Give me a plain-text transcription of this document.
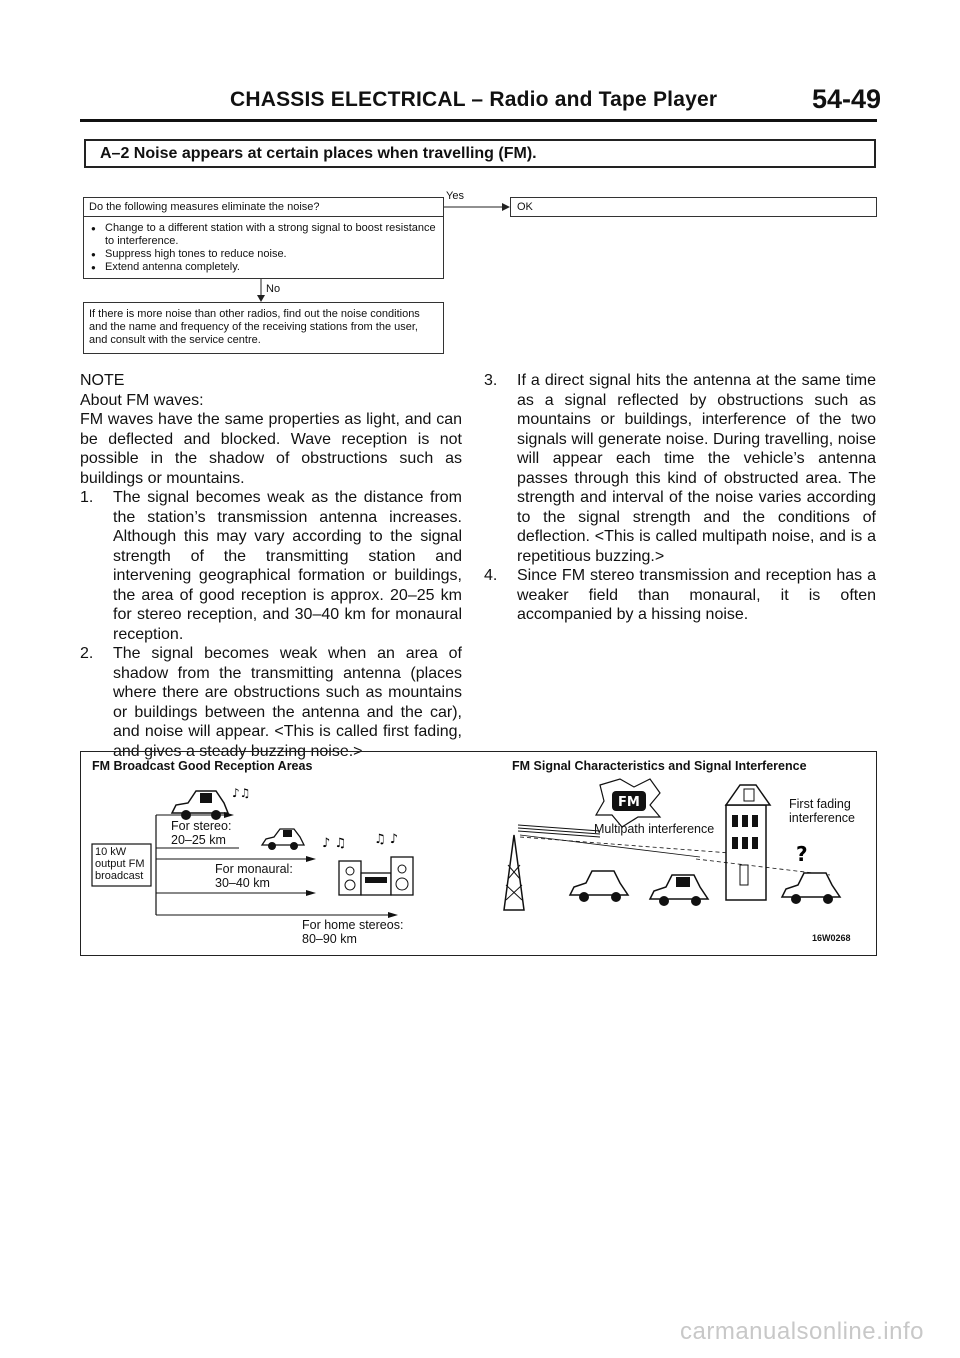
CHASSIS ELECTRICAL – Radio and Tape Player	54-49
A–2 Noise appears at certain places when travelling (FM).
Do the following measures eliminate the noise?
● Change to a different station with a strong signal to boost resistance to interference.
● Suppress high tones to reduce noise.
● Extend antenna completely.
Yes
OK
No
If there is more noise than other radios, find out the noise conditions and the name and frequency of the receiving stations from the user, and consult with the service centre.
NOTE
About FM waves:
FM waves have the same properties as light, and can be deflected and blocked. Wave reception is not possible in the shadow of obstructions such as buildings or mountains.
1. The signal becomes weak as the distance from the station’s transmission antenna increases. Although this may vary according to the signal strength of the transmitting station and intervening geographical formation or buildings, the area of good reception is approx. 20–25 km for stereo reception, and 30–40 km for monaural reception.
2. The signal becomes weak when an area of shadow from the transmitting antenna (places where there are obstructions such as mountains or buildings between the antenna and the car), and noise will appear. <This is called first fading, and gives a steady buzzing noise.>
3. If a direct signal hits the antenna at the same time as a signal reflected by obstructions such as mountains or buildings, interference of the two signals will generate noise. During travelling, noise will appear each time the vehicle’s antenna passes through this kind of obstructed area. The strength and interval of the noise varies according to the signal strength and the conditions of deflection. <This is called multipath noise, and is a repetitious buzzing.>
4. Since FM stereo transmission and reception has a weaker field than monaural, it is often accompanied by a hissing noise.
FM Broadcast Good Reception Areas	FM Signal Characteristics and Signal Interference
♪♫
♪ ♫ ♫ ♪
10 kW
output FM
broadcast
For stereo:
20–25 km
For monaural:
30–40 km
For home stereos:
80–90 km
FM
?
Multipath interference
First fading
interference
16W0268
carmanualsonline.info
